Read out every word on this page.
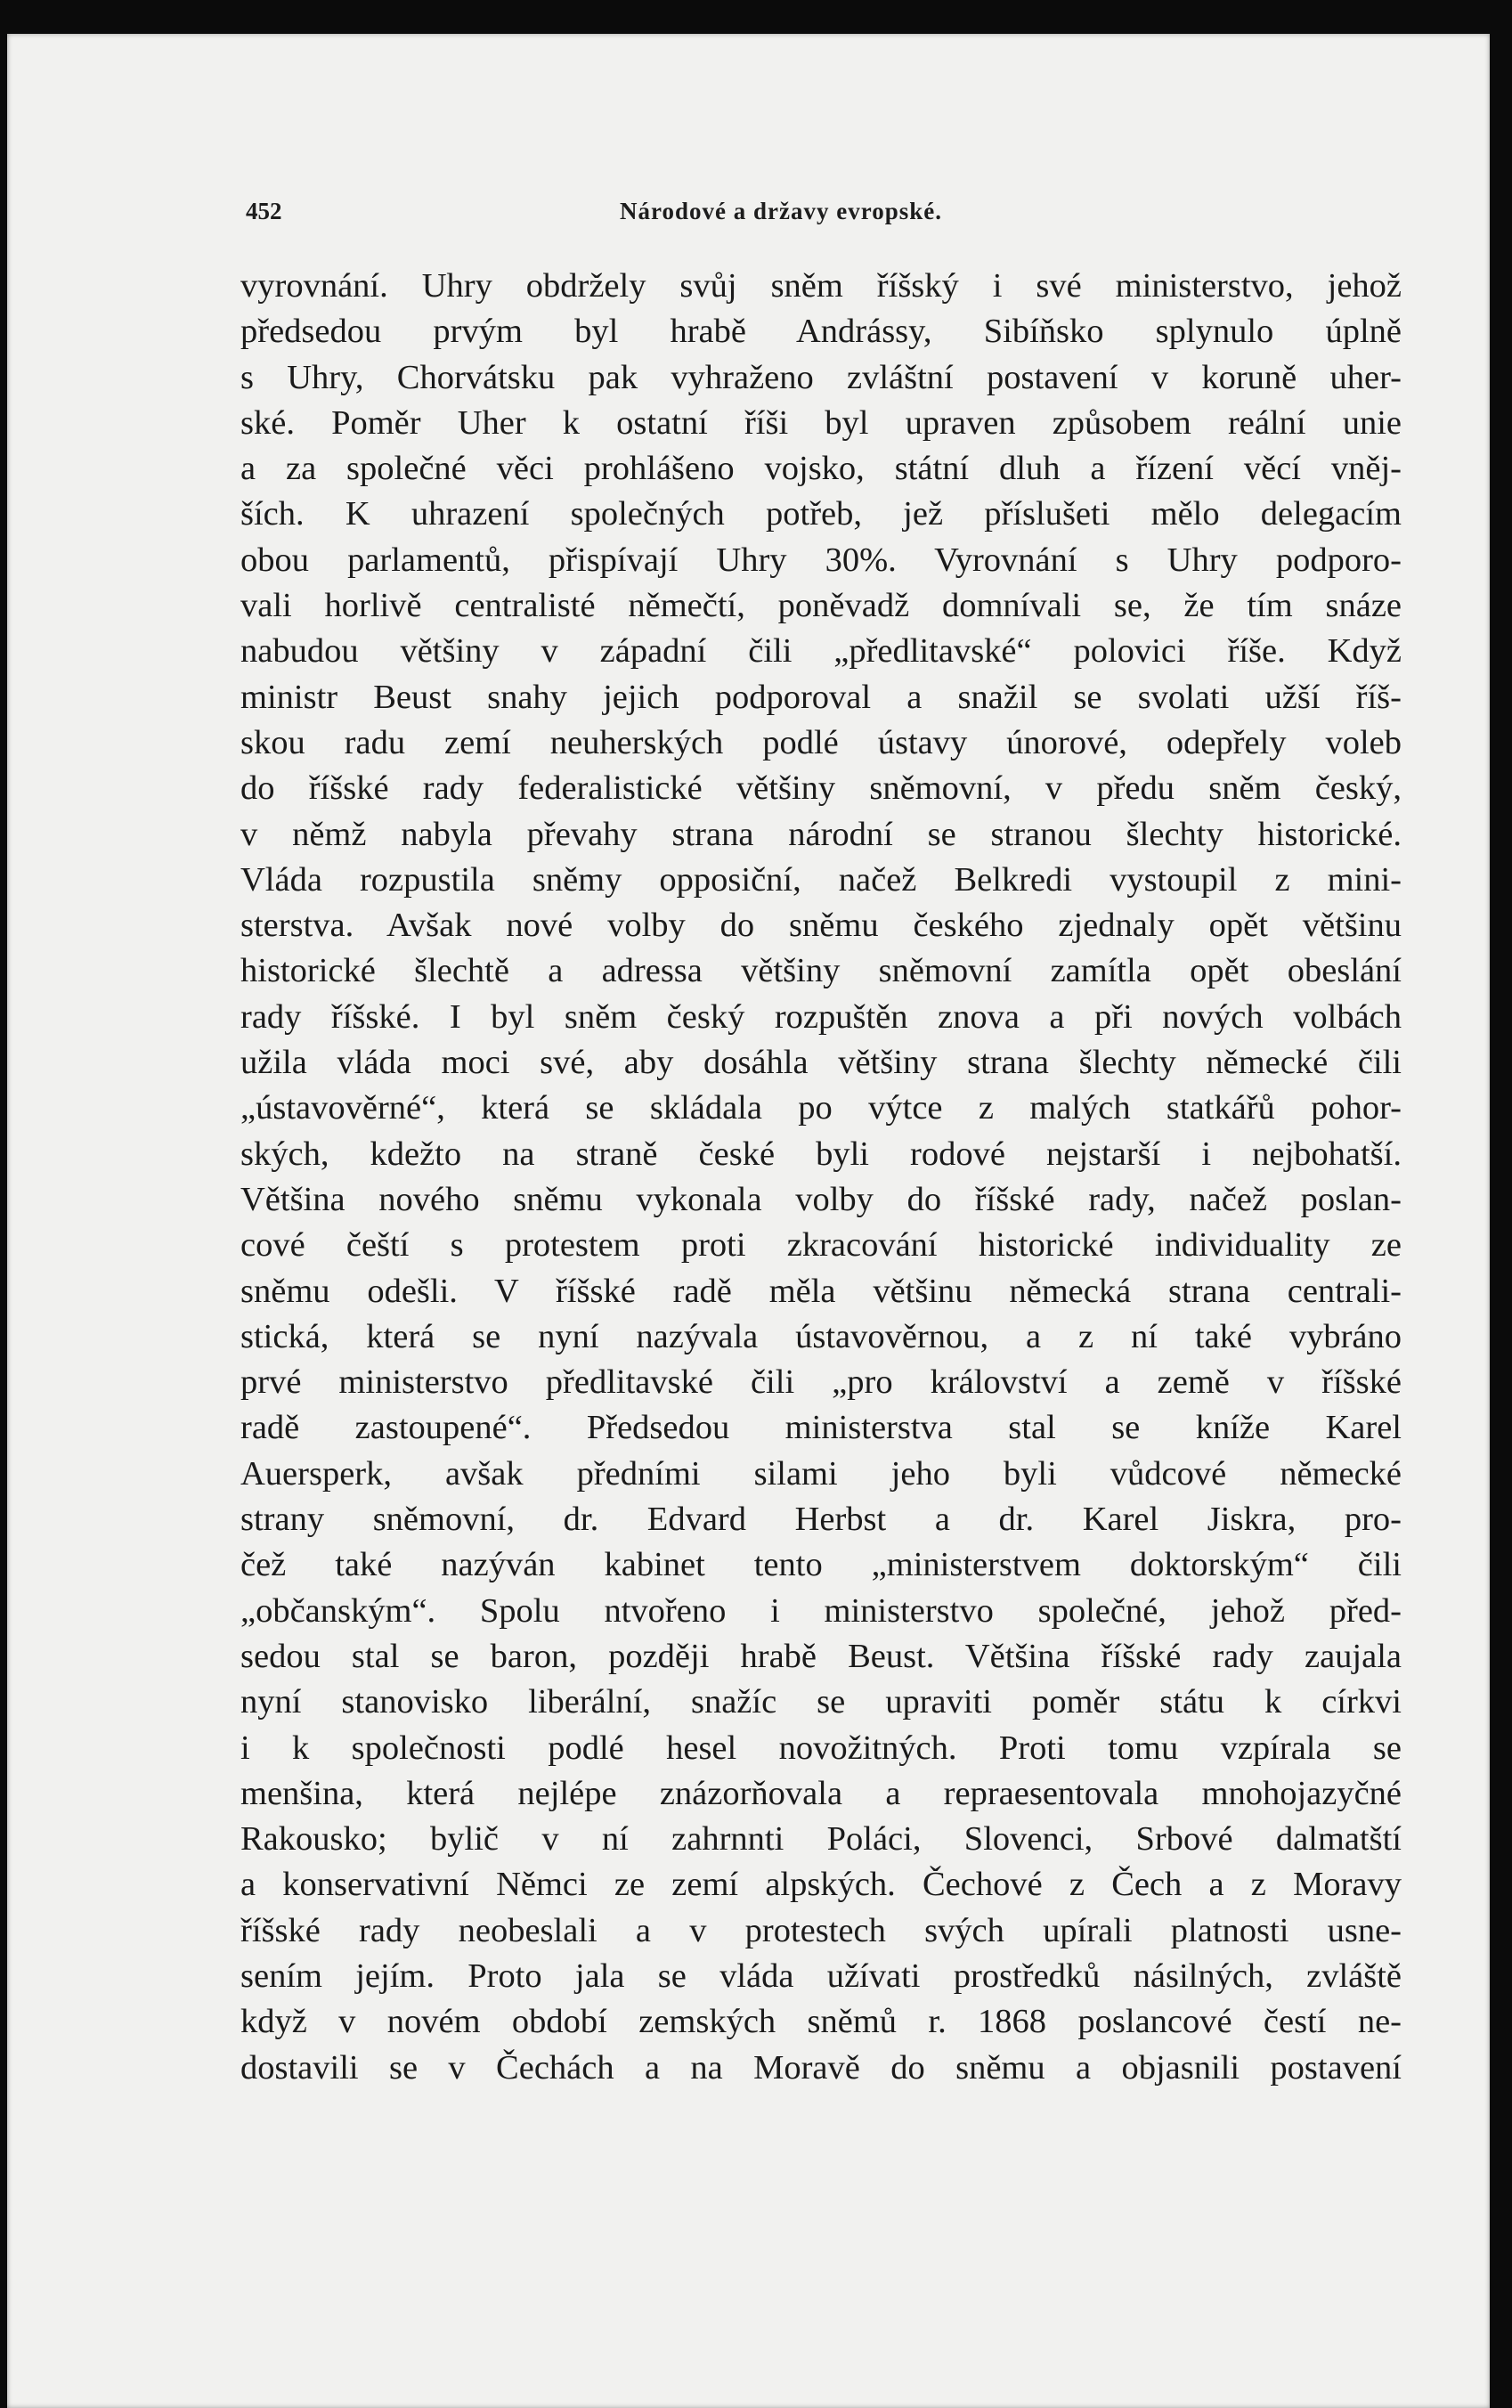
452	Národové a državy evropské.
vyrovnání. Uhry obdržely svůj sněm říšský i své ministerstvo, jehož
předsedou prvým byl hrabě Andrássy, Sibíňsko splynulo úplně
s Uhry, Chorvátsku pak vyhraženo zvláštní postavení v koruně uher-
ské. Poměr Uher k ostatní říši byl upraven způsobem reální unie
a za společné věci prohlášeno vojsko, státní dluh a řízení věcí vněj-
ších. K uhrazení společných potřeb, jež příslušeti mělo delegacím
obou parlamentů, přispívají Uhry 30%. Vyrovnání s Uhry podporo-
vali horlivě centralisté němečtí, poněvadž domnívali se, že tím snáze
nabudou většiny v západní čili „předlitavské“ polovici říše. Když
ministr Beust snahy jejich podporoval a snažil se svolati užší říš-
skou radu zemí neuherských podlé ústavy únorové, odepřely voleb
do říšské rady federalistické většiny sněmovní, v předu sněm český,
v němž nabyla převahy strana národní se stranou šlechty historické.
Vláda rozpustila sněmy opposiční, načež Belkredi vystoupil z mini-
sterstva. Avšak nové volby do sněmu českého zjednaly opět většinu
historické šlechtě a adressa většiny sněmovní zamítla opět obeslání
rady říšské. I byl sněm český rozpuštěn znova a při nových volbách
užila vláda moci své, aby dosáhla většiny strana šlechty německé čili
„ústavověrné“, která se skládala po výtce z malých statkářů pohor-
ských, kdežto na straně české byli rodové nejstarší i nejbohatší.
Většina nového sněmu vykonala volby do říšské rady, načež poslan-
cové čeští s protestem proti zkracování historické individuality ze
sněmu odešli. V říšské radě měla většinu německá strana centrali-
stická, která se nyní nazývala ústavověrnou, a z ní také vybráno
prvé ministerstvo předlitavské čili „pro království a země v říšské
radě zastoupené“. Předsedou ministerstva stal se kníže Karel
Auersperk, avšak předními silami jeho byli vůdcové německé
strany sněmovní, dr. Edvard Herbst a dr. Karel Jiskra, pro-
čež také nazýván kabinet tento „ministerstvem doktorským“ čili
„občanským“. Spolu ntvořeno i ministerstvo společné, jehož před-
sedou stal se baron, později hrabě Beust. Většina říšské rady zaujala
nyní stanovisko liberální, snažíc se upraviti poměr státu k církvi
i k společnosti podlé hesel novožitných. Proti tomu vzpírala se
menšina, která nejlépe znázorňovala a repraesentovala mnohojazyčné
Rakousko; bylič v ní zahrnnti Poláci, Slovenci, Srbové dalmatští
a konservativní Němci ze zemí alpských. Čechové z Čech a z Moravy
říšské rady neobeslali a v protestech svých upírali platnosti usne-
sením jejím. Proto jala se vláda užívati prostředků násilných, zvláště
když v novém období zemských sněmů r. 1868 poslancové čestí ne-
dostavili se v Čechách a na Moravě do sněmu a objasnili postavení
